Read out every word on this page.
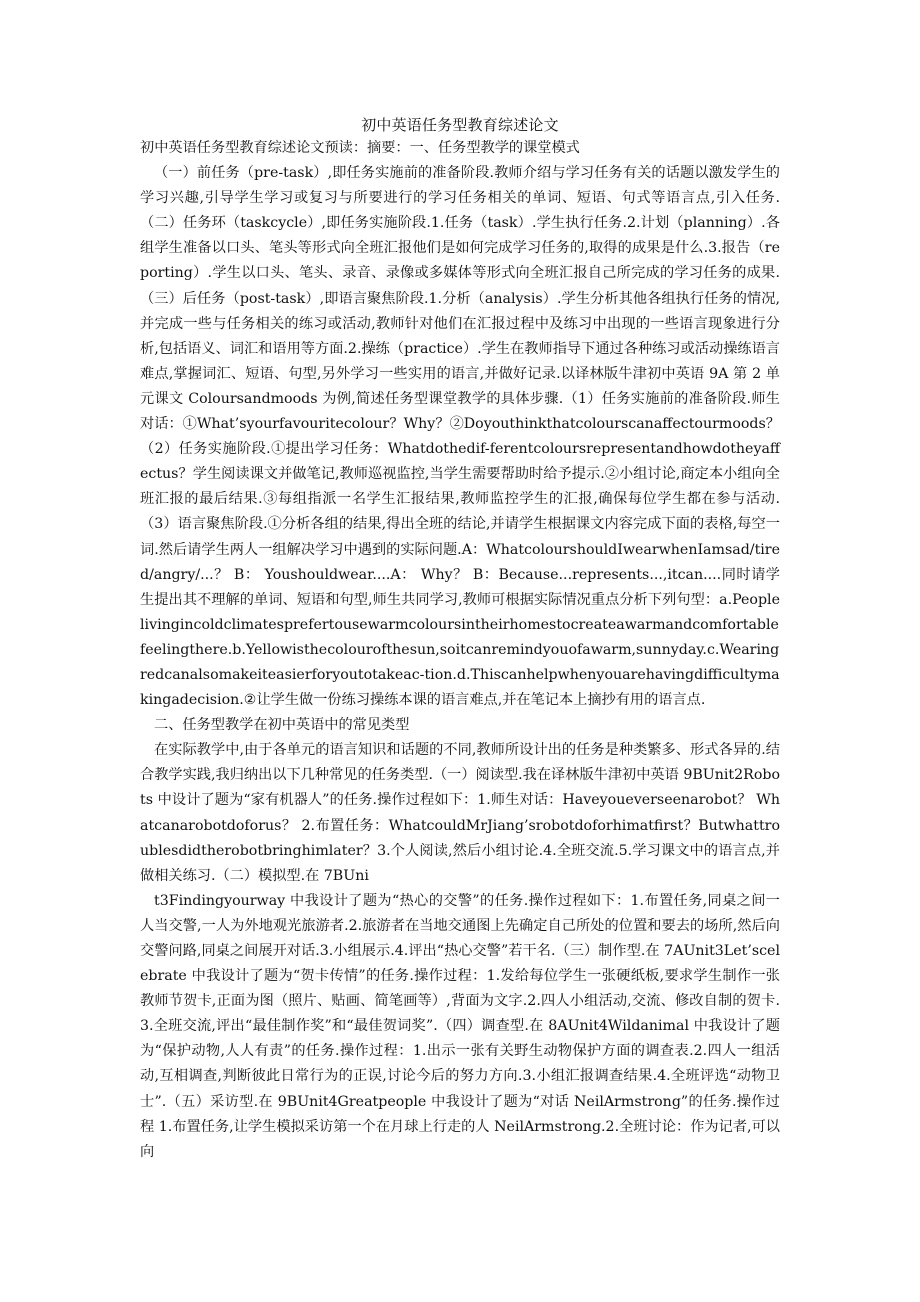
初中英语任务型教育综述论文

初中英语任务型教育综述论文预读：摘要：一、任务型教学的课堂模式

（一）前任务（pre-task）,即任务实施前的准备阶段.教师介绍与学习任务有关的话题以激发学生的学习兴趣,引导学生学习或复习与所要进行的学习任务相关的单词、短语、句式等语言点,引入任务.（二）任务环（taskcycle）,即任务实施阶段.1.任务（task）.学生执行任务.2.计划（planning）.各组学生准备以口头、笔头等形式向全班汇报他们是如何完成学习任务的,取得的成果是什么.3.报告（reporting）.学生以口头、笔头、录音、录像或多媒体等形式向全班汇报自己所完成的学习任务的成果.（三）后任务（post-task）,即语言聚焦阶段.1.分析（analysis）.学生分析其他各组执行任务的情况,并完成一些与任务相关的练习或活动,教师针对他们在汇报过程中及练习中出现的一些语言现象进行分析,包括语义、词汇和语用等方面.2.操练（practice）.学生在教师指导下通过各种练习或活动操练语言难点,掌握词汇、短语、句型,另外学习一些实用的语言,并做好记录.以译林版牛津初中英语 9A 第 2 单元课文 Coloursandmoods 为例,简述任务型课堂教学的具体步骤.（1）任务实施前的准备阶段.师生对话：①What’syourfavouritecolour？Why？②Doyouthinkthatcolourscanaffectourmoods？（2）任务实施阶段.①提出学习任务：Whatdothedif-ferentcoloursrepresentandhowdotheyaffectus？学生阅读课文并做笔记,教师巡视监控,当学生需要帮助时给予提示.②小组讨论,商定本小组向全班汇报的最后结果.③每组指派一名学生汇报结果,教师监控学生的汇报,确保每位学生都在参与活动.（3）语言聚焦阶段.①分析各组的结果,得出全班的结论,并请学生根据课文内容完成下面的表格,每空一词.然后请学生两人一组解决学习中遇到的实际问题.A：WhatcolourshouldIwearwhenIamsad/tired/angry/...？ B： Youshouldwear....A： Why？ B：Because...represents...,itcan....同时请学生提出其不理解的单词、短语和句型,师生共同学习,教师可根据实际情况重点分析下列句型：a.Peoplelivingincoldclimatesprefertousewarmcoloursintheirhomestocreateawarmandcomfortablefeelingthere.b.Yellowisthecolourofthesun,soitcanremindyouofawarm,sunnyday.c.Wearingredcanalsomakeiteasierforyoutotakeac-tion.d.Thiscanhelpwhenyouarehavingdifficultymakingadecision.②让学生做一份练习操练本课的语言难点,并在笔记本上摘抄有用的语言点.

二、任务型教学在初中英语中的常见类型

在实际教学中,由于各单元的语言知识和话题的不同,教师所设计出的任务是种类繁多、形式各异的.结合教学实践,我归纳出以下几种常见的任务类型.（一）阅读型.我在译林版牛津初中英语 9BUnit2Robots 中设计了题为“家有机器人”的任务.操作过程如下：1.师生对话：Haveyoueverseenarobot？ Whatcanarobotdoforus？ 2.布置任务：WhatcouldMrJiang’srobotdoforhimatfirst？Butwhattroublesdidtherobotbringhimlater？3.个人阅读,然后小组讨论.4.全班交流.5.学习课文中的语言点,并做相关练习.（二）模拟型.在 7BUni

t3Findingyourway 中我设计了题为“热心的交警”的任务.操作过程如下：1.布置任务,同桌之间一人当交警,一人为外地观光旅游者.2.旅游者在当地交通图上先确定自己所处的位置和要去的场所,然后向交警问路,同桌之间展开对话.3.小组展示.4.评出“热心交警”若干名.（三）制作型.在 7AUnit3Let’scelebrate 中我设计了题为“贺卡传情”的任务.操作过程：1.发给每位学生一张硬纸板,要求学生制作一张教师节贺卡,正面为图（照片、贴画、简笔画等）,背面为文字.2.四人小组活动,交流、修改自制的贺卡.3.全班交流,评出“最佳制作奖”和“最佳贺词奖”.（四）调查型.在 8AUnit4Wildanimal 中我设计了题为“保护动物,人人有责”的任务.操作过程：1.出示一张有关野生动物保护方面的调查表.2.四人一组活动,互相调查,判断彼此日常行为的正误,讨论今后的努力方向.3.小组汇报调查结果.4.全班评选“动物卫士”.（五）采访型.在 9BUnit4Greatpeople 中我设计了题为“对话 NeilArmstrong”的任务.操作过程 1.布置任务,让学生模拟采访第一个在月球上行走的人 NeilArmstrong.2.全班讨论：作为记者,可以向
